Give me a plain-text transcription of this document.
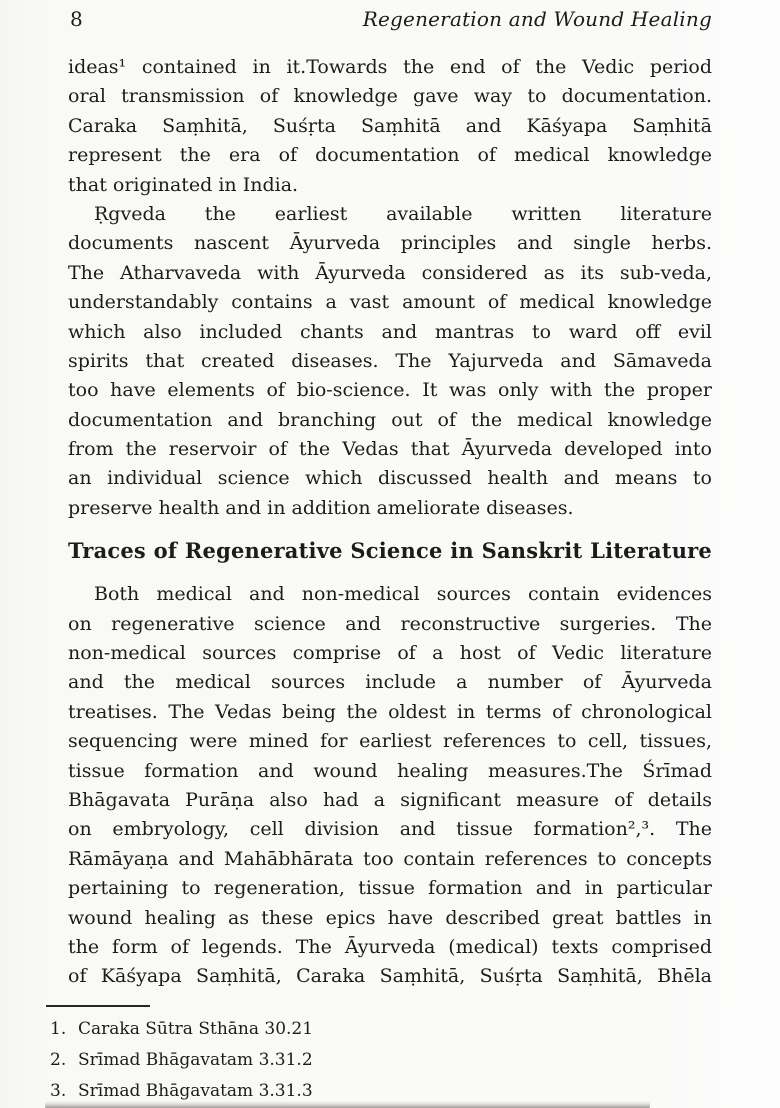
8	Regeneration and Wound Healing
ideas¹ contained in it.Towards the end of the Vedic period
oral transmission of knowledge gave way to documentation.
Caraka Saṃhitā, Suśṛta Saṃhitā and Kāśyapa Saṃhitā
represent the era of documentation of medical knowledge
that originated in India.
Ṛgveda the earliest available written literature
documents nascent Āyurveda principles and single herbs.
The Atharvaveda with Āyurveda considered as its sub-veda,
understandably contains a vast amount of medical knowledge
which also included chants and mantras to ward off evil
spirits that created diseases. The Yajurveda and Sāmaveda
too have elements of bio-science. It was only with the proper
documentation and branching out of the medical knowledge
from the reservoir of the Vedas that Āyurveda developed into
an individual science which discussed health and means to
preserve health and in addition ameliorate diseases.
Traces of Regenerative Science in Sanskrit Literature
Both medical and non-medical sources contain evidences
on regenerative science and reconstructive surgeries. The
non-medical sources comprise of a host of Vedic literature
and the medical sources include a number of Āyurveda
treatises. The Vedas being the oldest in terms of chronological
sequencing were mined for earliest references to cell, tissues,
tissue formation and wound healing measures.The Śrīmad
Bhāgavata Purāṇa also had a significant measure of details
on embryology, cell division and tissue formation²,³. The
Rāmāyaṇa and Mahābhārata too contain references to concepts
pertaining to regeneration, tissue formation and in particular
wound healing as these epics have described great battles in
the form of legends. The Āyurveda (medical) texts comprised
of Kāśyapa Saṃhitā, Caraka Saṃhitā, Suśṛta Saṃhitā, Bhēla
1. Caraka Sūtra Sthāna 30.21
2. Srīmad Bhāgavatam 3.31.2
3. Srīmad Bhāgavatam 3.31.3
